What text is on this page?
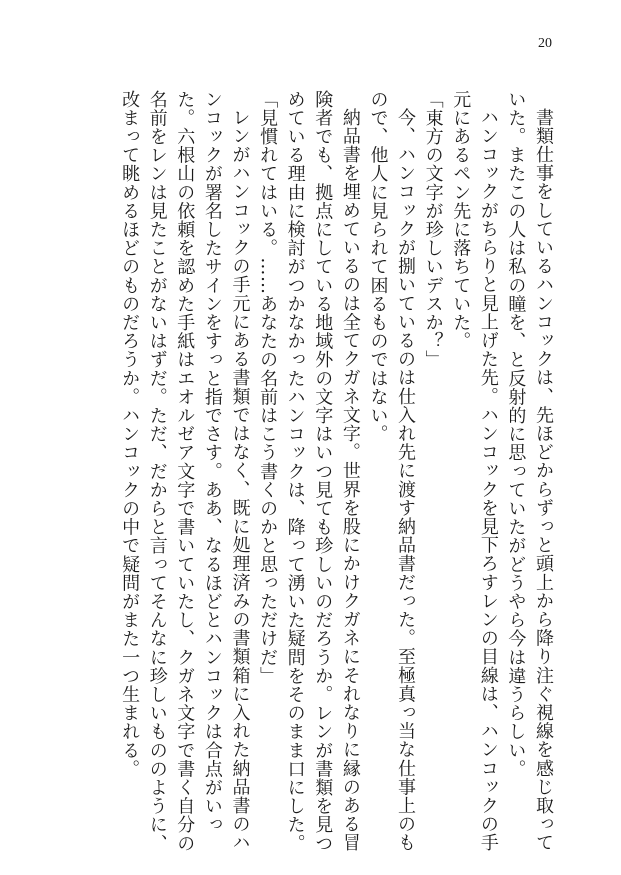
20
書類仕事をしているハンコックは、先ほどからずっと頭上から降り注ぐ視線を感じ取って
いた。またこの人は私の瞳を、と反射的に思っていたがどうやら今は違うらしい。
ハンコックがちらりと見上げた先。ハンコックを見下ろすレンの目線は、ハンコックの手
元にあるペン先に落ちていた。
「東方の文字が珍しいデスか？」
今、ハンコックが捌いているのは仕入れ先に渡す納品書だった。至極真っ当な仕事上のも
ので、他人に見られて困るものではない。
納品書を埋めているのは全てクガネ文字。世界を股にかけクガネにそれなりに縁のある冒
険者でも、拠点にしている地域外の文字はいつ見ても珍しいのだろうか。レンが書類を見つ
めている理由に検討がつかなかったハンコックは、降って湧いた疑問をそのまま口にした。
「見慣れてはいる。……あなたの名前はこう書くのかと思っただけだ」
レンがハンコックの手元にある書類ではなく、既に処理済みの書類箱に入れた納品書のハ
ンコックが署名したサインをすっと指でさす。ああ、なるほどとハンコックは合点がいっ
た。六根山の依頼を認めた手紙はエオルゼア文字で書いていたし、クガネ文字で書く自分の
名前をレンは見たことがないはずだ。ただ、だからと言ってそんなに珍しいもののように、
改まって眺めるほどのものだろうか。ハンコックの中で疑問がまた一つ生まれる。
